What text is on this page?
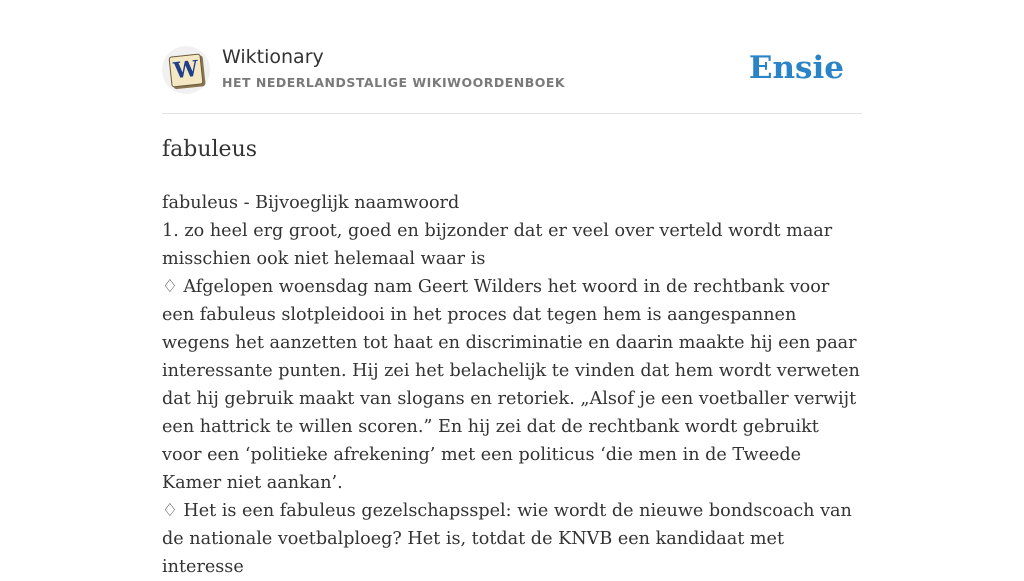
W Wiktionary
HET NEDERLANDSTALIGE WIKIWOORDENBOEK	Ensie
fabuleus

fabuleus - Bijvoeglijk naamwoord

1. zo heel erg groot, goed en bijzonder dat er veel over verteld wordt maar misschien ook niet helemaal waar is

♢ Afgelopen woensdag nam Geert Wilders het woord in de rechtbank voor een fabuleus slotpleidooi in het proces dat tegen hem is aangespannen wegens het aanzetten tot haat en discriminatie en daarin maakte hij een paar interessante punten. Hij zei het belachelijk te vinden dat hem wordt verweten dat hij gebruik maakt van slogans en retoriek. „Alsof je een voetballer verwijt een hattrick te willen scoren.” En hij zei dat de rechtbank wordt gebruikt voor een ‘politieke afrekening’ met een politicus ‘die men in de Tweede Kamer niet aankan’.

♢ Het is een fabuleus gezelschapsspel: wie wordt de nieuwe bondscoach van de nationale voetbalploeg? Het is, totdat de KNVB een kandidaat met interesse
